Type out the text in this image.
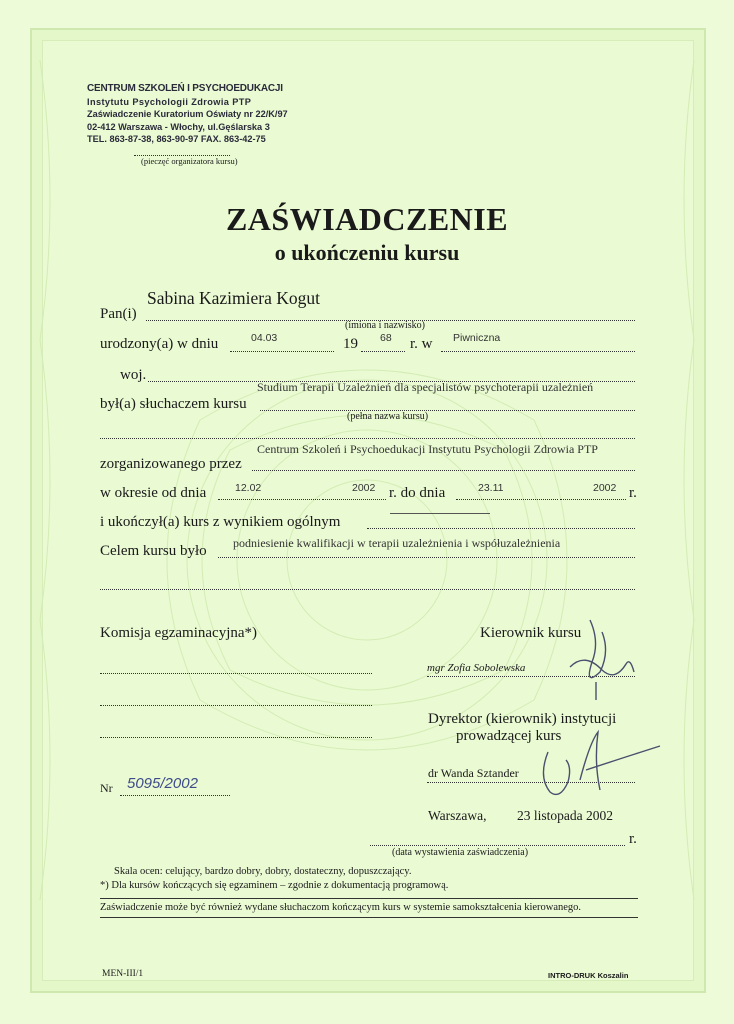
CENTRUM SZKOLEŃ I PSYCHOEDUKACJI
Instytutu Psychologii Zdrowia PTP
Zaświadczenie Kuratorium Oświaty nr 22/K/97
02-412 Warszawa - Włochy, ul.Gęślarska 3
TEL. 863-87-38, 863-90-97 FAX. 863-42-75
(pieczęć organizatora kursu)
ZAŚWIADCZENIE
o ukończeniu kursu
Sabina Kazimiera Kogut
Pan(i)
(imiona i nazwisko)
urodzony(a) w dniu	04.03	19 68 r. w Piwniczna
woj.
Studium Terapii Uzależnień dla specjalistów psychoterapii uzależnień
był(a) słuchaczem kursu
(pełna nazwa kursu)
Centrum Szkoleń i Psychoedukacji Instytutu Psychologii Zdrowia PTP
zorganizowanego przez
w okresie od dnia	12.02	2002 r. do dnia	23.11	2002 r.
i ukończył(a) kurs z wynikiem ogólnym
podniesienie kwalifikacji w terapii uzależnienia i współuzależnienia
Celem kursu było
Komisja egzaminacyjna*)	Kierownik kursu
mgr Zofia Sobolewska
Dyrektor (kierownik) instytucji
prowadzącej kurs
dr Wanda Sztander
Nr 5095/2002
Warszawa, 23 listopada 2002
r.
(data wystawienia zaświadczenia)
Skala ocen: celujący, bardzo dobry, dobry, dostateczny, dopuszczający.
*) Dla kursów kończących się egzaminem – zgodnie z dokumentacją programową.
Zaświadczenie może być również wydane słuchaczom kończącym kurs w systemie samokształcenia kierowanego.
MEN-III/1	INTRO-DRUK Koszalin
